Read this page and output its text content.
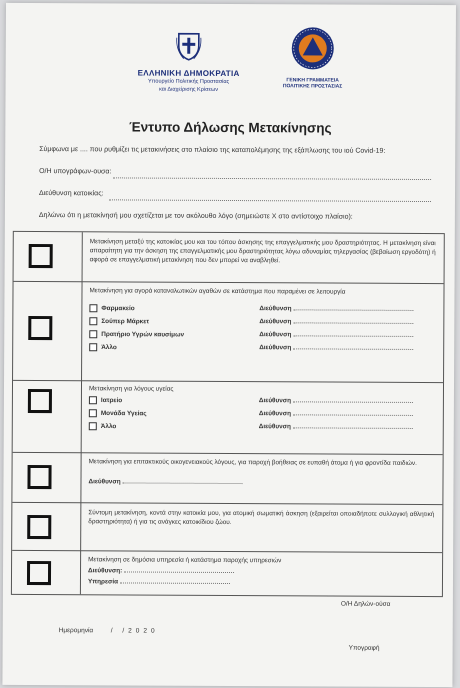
ΕΛΛΗΝΙΚΗ ΔΗΜΟΚΡΑΤΙΑ
Υπουργείο Πολιτικής Προστασίας
και Διαχείρισης Κρίσεων
ΓΕΝΙΚΗ ΓΡΑΜΜΑΤΕΙΑ
ΠΟΛΙΤΙΚΗΣ ΠΡΟΣΤΑΣΙΑΣ
Έντυπο Δήλωσης Μετακίνησης
Σύμφωνα με .... που ρυθμίζει τις μετακινήσεις στο πλαίσιο της καταπολέμησης της εξάπλωσης του ιού Covid-19:
Ο/Η υπογράφων-ουσα:
Διεύθυνση κατοικίας:
Δηλώνω ότι η μετακίνησή μου σχετίζεται με τον ακόλουθο λόγο (σημειώστε Χ στο αντίστοιχο πλαίσιο):
Μετακίνηση μεταξύ της κατοικίας μου και του τόπου άσκησης της επαγγελματικής μου δραστηριότητας. Η μετακίνηση είναι απαραίτητη για την άσκηση της επαγγελματικής μου δραστηριότητας λόγω αδυναμίας τηλεργασίας (βεβαίωση εργοδότη) ή αφορά σε επαγγελματική μετακίνηση που δεν μπορεί να αναβληθεί.
Μετακίνηση για αγορά καταναλωτικών αγαθών σε κατάστημα που παραμένει σε λειτουργία
Φαρμακείο	Διεύθυνση
Σούπερ Μάρκετ	Διεύθυνση
Πρατήριο Υγρών καυσίμων	Διεύθυνση
Άλλο	Διεύθυνση
Μετακίνηση για λόγους υγείας
Ιατρείο	Διεύθυνση
Μονάδα Υγείας	Διεύθυνση
Άλλο	Διεύθυνση
Μετακίνηση για επιτακτικούς οικογενειακούς λόγους, για παροχή βοήθειας σε ευπαθή άτομα ή για φροντίδα παιδιών.
Διεύθυνση
Σύντομη μετακίνηση, κοντά στην κατοικία μου, για ατομική σωματική άσκηση (εξαιρείται οποιαδήποτε συλλογική αθλητική δραστηριότητα) ή για τις ανάγκες κατοικίδιου ζώου.
Μετακίνηση σε δημόσια υπηρεσία ή κατάστημα παροχής υπηρεσιών
Διεύθυνση:
Υπηρεσία
Ο/Η Δηλών-ούσα
Ημερομηνία	/ /2020
Υπογραφή
